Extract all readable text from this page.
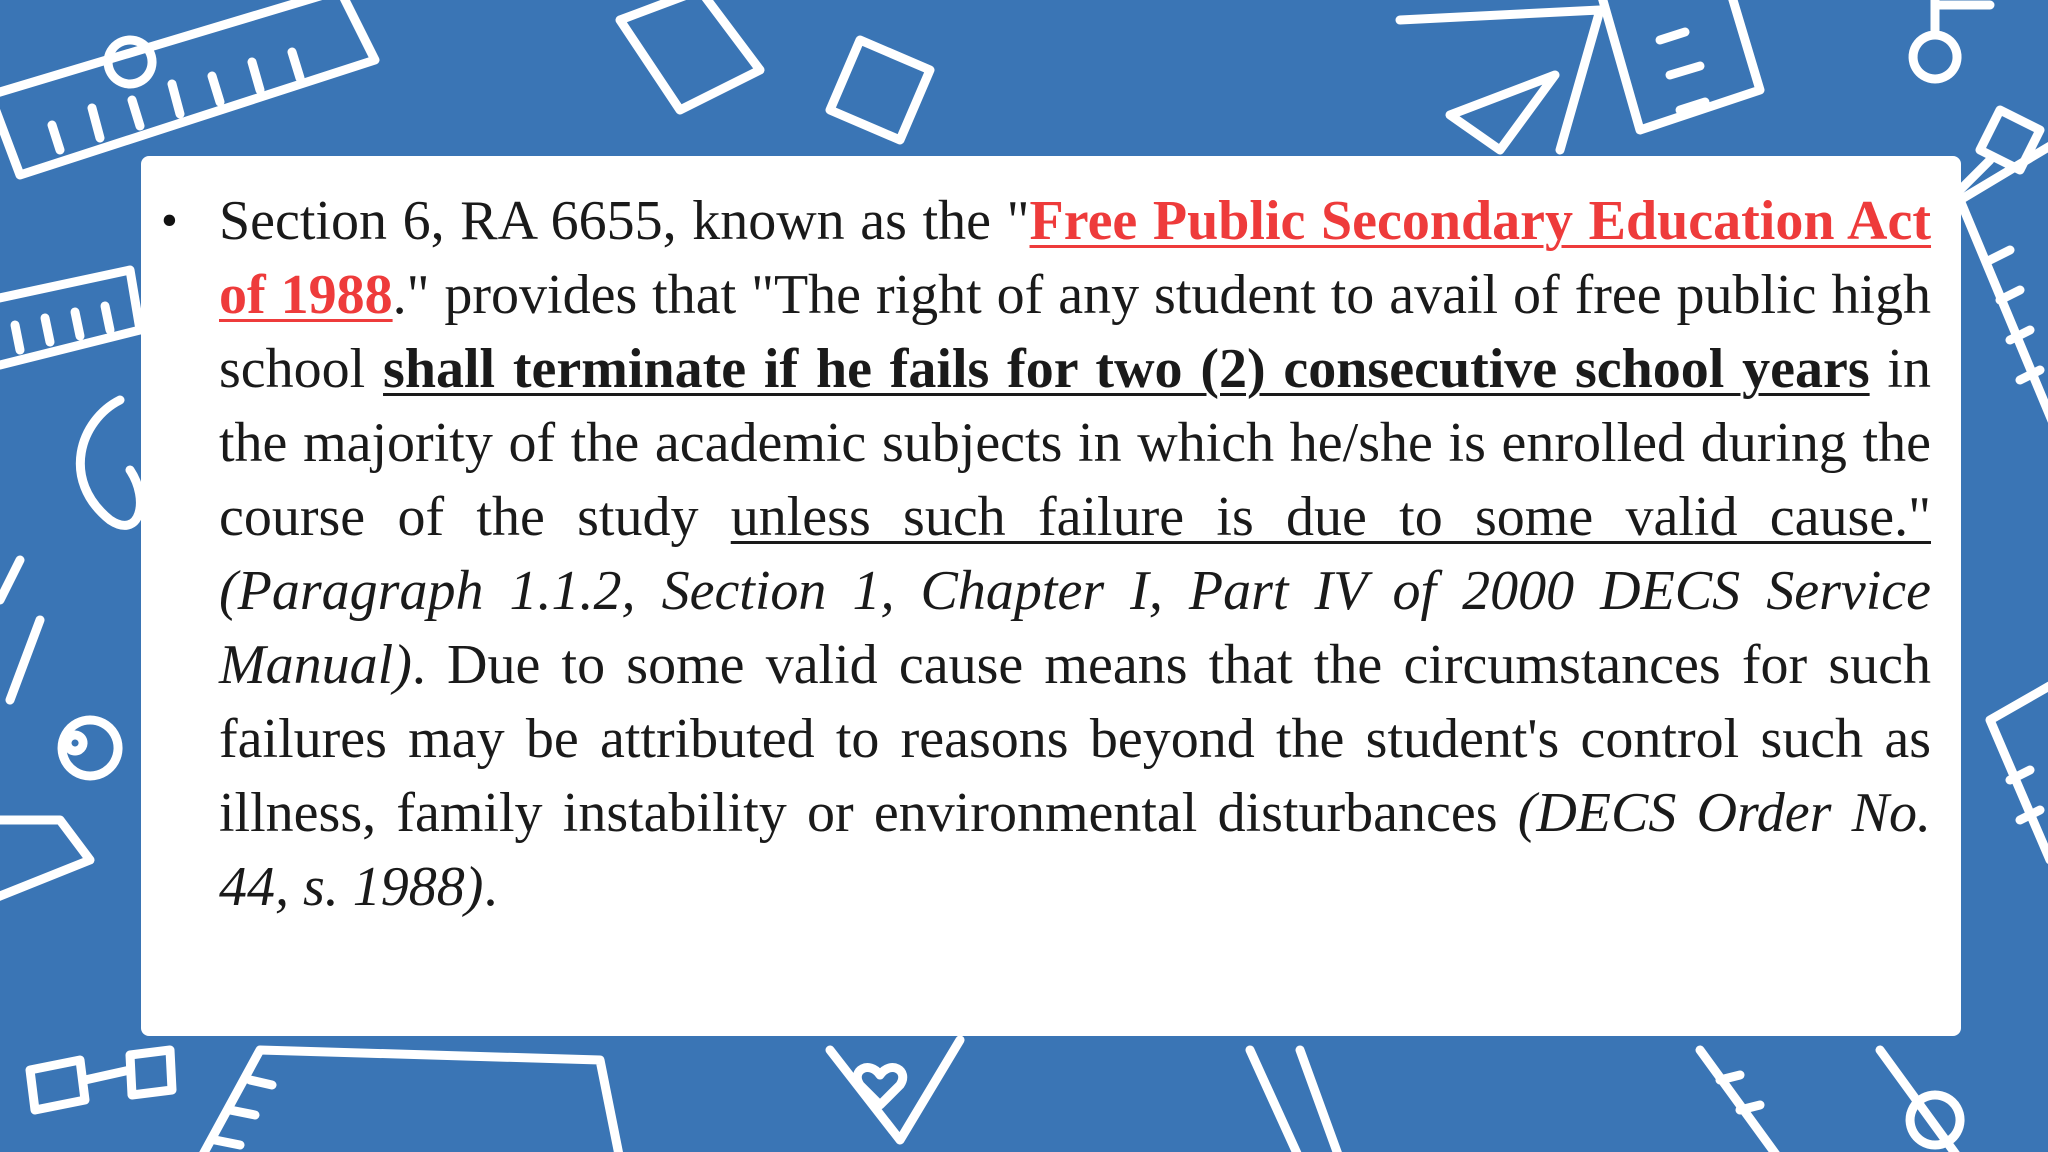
• Section 6, RA 6655, known as the "Free Public Secondary Education Act of 1988." provides that "The right of any student to avail of free public high school shall terminate if he fails for two (2) consecutive school years in the majority of the academic subjects in which he/she is enrolled during the course of the study unless such failure is due to some valid cause." (Paragraph 1.1.2, Section 1, Chapter I, Part IV of 2000 DECS Service Manual). Due to some valid cause means that the circumstances for such failures may be attributed to reasons beyond the student's control such as illness, family instability or environmental disturbances (DECS Order No. 44, s. 1988).
